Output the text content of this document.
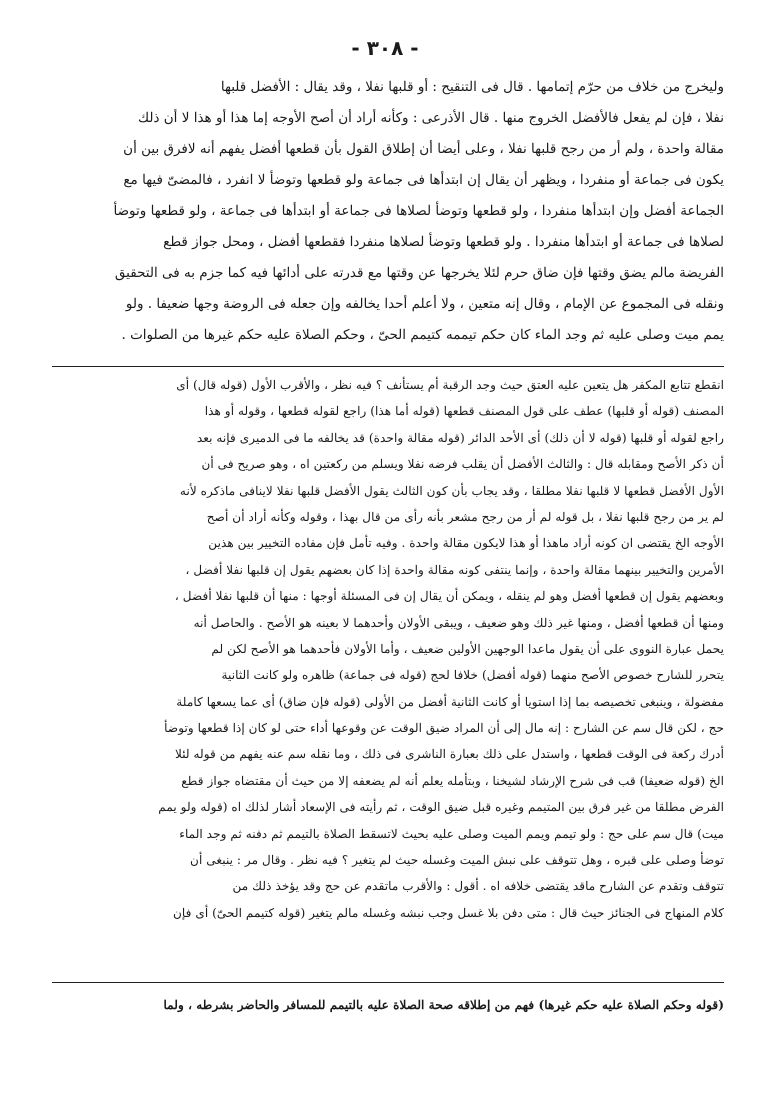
- ٣٠٨ -

وليخرج من خلاف من حرّم إتمامها . قال فى التنقيح : أو قلبها نفلا ، وقد يقال : الأفضل قلبها

نفلا ، فإن لم يفعل فالأفضل الخروج منها . قال الأذرعى : وكأنه أراد أن أصح الأوجه إما هذا أو هذا لا أن ذلك

مقالة واحدة ، ولم أر من رجح قلبها نفلا ، وعلى أيضا أن إطلاق القول بأن قطعها أفضل يفهم أنه لافرق بين أن

يكون فى جماعة أو منفردا ، ويظهر أن يقال إن ابتدأها فى جماعة ولو قطعها وتوضأ لا انفرد ، فالمضىّ فيها مع

الجماعة أفضل وإن ابتدأها منفردا ، ولو قطعها وتوضأ لصلاها فى جماعة أو ابتدأها فى جماعة ، ولو قطعها وتوضأ

لصلاها فى جماعة أو ابتدأها منفردا . ولو قطعها وتوضأ لصلاها منفردا فقطعها أفضل ، ومحل جواز قطع

الفريضة مالم يضق وقتها فإن ضاق حرم لئلا يخرجها عن وقتها مع قدرته على أدائها فيه كما جزم به فى التحقيق

ونقله فى المجموع عن الإمام ، وقال إنه متعين ، ولا أعلم أحدا يخالفه وإن جعله فى الروضة وجها ضعيفا . ولو

يمم ميت وصلى عليه ثم وجد الماء كان حكم تيممه كتيمم الحىّ ، وحكم الصلاة عليه حكم غيرها من الصلوات .

انقطع تتابع المكفر هل يتعين عليه العتق حيث وجد الرقبة أم يستأنف ؟ فيه نظر ، والأقرب الأول (قوله قال) أى

المصنف (قوله أو قلبها) عطف على قول المصنف قطعها (قوله أما هذا) راجع لقوله قطعها ، وقوله أو هذا

راجع لقوله أو قلبها (قوله لا أن ذلك) أى الأحد الدائر (قوله مقالة واحدة) قد يخالفه ما فى الدميرى فإنه بعد

أن ذكر الأصح ومقابله قال : والثالث الأفضل أن يقلب فرضه نفلا ويسلم من ركعتين اه ، وهو صريح فى أن

الأول الأفضل قطعها لا قلبها نفلا مطلقا ، وقد يجاب بأن كون الثالث يقول الأفضل قلبها نفلا لاينافى ماذكره لأنه

لم ير من رجح قلبها نفلا ، بل قوله لم أر من رجح مشعر بأنه رأى من قال بهذا ، وقوله وكأنه أراد أن أصح

الأوجه الخ يقتضى ان كونه أراد ماهذا أو هذا لايكون مقالة واحدة . وفيه تأمل فإن مفاده التخيير بين هذين

الأمرين والتخيير بينهما مقالة واحدة ، وإنما ينتفى كونه مقالة واحدة إذا كان بعضهم يقول إن قلبها نفلا أفضل ،

وبعضهم يقول إن قطعها أفضل وهو لم ينقله ، ويمكن أن يقال إن فى المسئلة أوجها : منها أن قلبها نفلا أفضل ،

ومنها أن قطعها أفضل ، ومنها غير ذلك وهو ضعيف ، ويبقى الأولان وأحدهما لا بعينه هو الأصح . والحاصل أنه

يحمل عبارة النووى على أن يقول ماعدا الوجهين الأولين ضعيف ، وأما الأولان فأحدهما هو الأصح لكن لم

يتحرر للشارح خصوص الأصح منهما (قوله أفضل) خلافا لحج (قوله فى جماعة) ظاهره ولو كانت الثانية

مفضولة ، وينبغى تخصيصه بما إذا استويا أو كانت الثانية أفضل من الأولى (قوله فإن ضاق) أى عما يسعها كاملة

حج ، لكن قال سم عن الشارح : إنه مال إلى أن المراد ضيق الوقت عن وقوعها أداء حتى لو كان إذا قطعها وتوضأ

أدرك ركعة فى الوقت قطعها ، واستدل على ذلك بعبارة الناشرى فى ذلك ، وما نقله سم عنه يفهم من قوله لئلا

الخ (قوله ضعيفا) قب فى شرح الإرشاد لشيخنا ، وبتأمله يعلم أنه لم يضعفه إلا من حيث أن مقتضاه جواز قطع

الفرض مطلقا من غير فرق بين المتيمم وغيره قبل ضيق الوقت ، ثم رأيته فى الإسعاد أشار لذلك اه (قوله ولو يمم

ميت) قال سم على حج : ولو تيمم ويمم الميت وصلى عليه بحيث لاتسقط الصلاة بالتيمم ثم دفنه ثم وجد الماء

توضأ وصلى على قبره ، وهل تتوقف على نبش الميت وغسله حيث لم يتغير ؟ فيه نظر . وقال مر : ينبغى أن

تتوقف وتقدم عن الشارح ماقد يقتضى خلافه اه . أقول : والأقرب ماتقدم عن حج وقد يؤخذ ذلك من

كلام المنهاج فى الجنائز حيث قال : متى دفن بلا غسل وجب نبشه وغسله مالم يتغير (قوله كتيمم الحىّ) أى فإن

(قوله وحكم الصلاة عليه حكم غيرها) فهم من إطلاقه صحة الصلاة عليه بالتيمم للمسافر والحاضر بشرطه ، ولما
